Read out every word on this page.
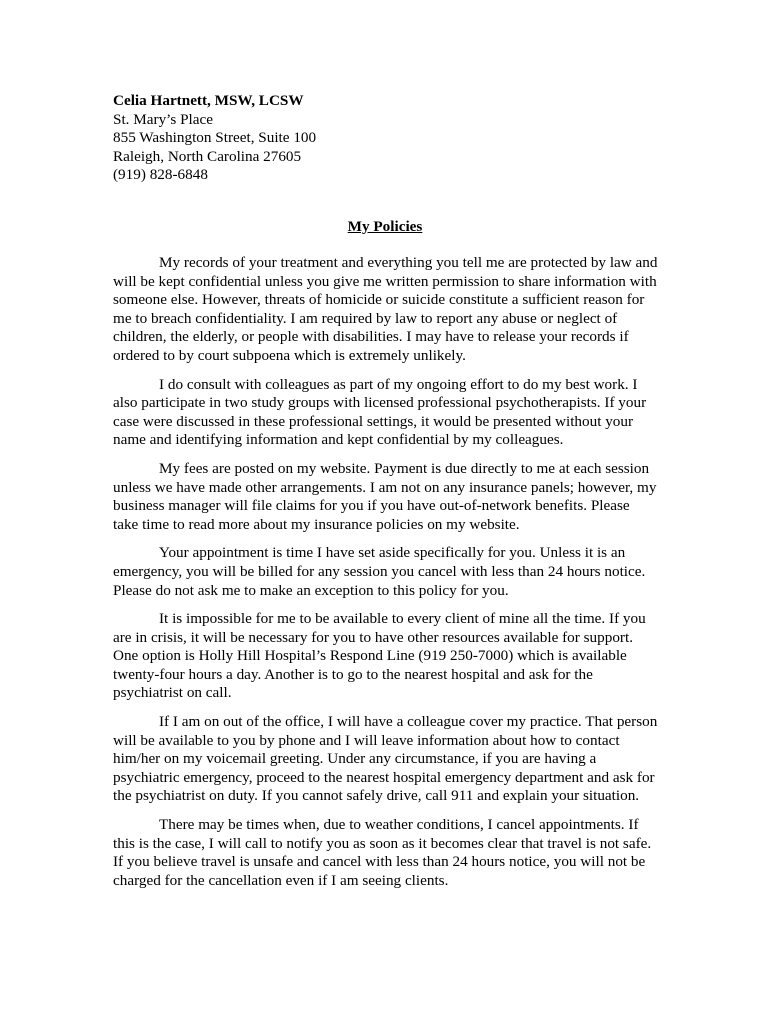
Celia Hartnett, MSW, LCSW
St. Mary’s Place
855 Washington Street, Suite 100
Raleigh, North Carolina 27605
(919) 828-6848
My Policies

My records of your treatment and everything you tell me are protected by law and will be kept confidential unless you give me written permission to share information with someone else. However, threats of homicide or suicide constitute a sufficient reason for me to breach confidentiality. I am required by law to report any abuse or neglect of children, the elderly, or people with disabilities. I may have to release your records if ordered to by court subpoena which is extremely unlikely.

I do consult with colleagues as part of my ongoing effort to do my best work. I also participate in two study groups with licensed professional psychotherapists. If your case were discussed in these professional settings, it would be presented without your name and identifying information and kept confidential by my colleagues.

My fees are posted on my website. Payment is due directly to me at each session unless we have made other arrangements. I am not on any insurance panels; however, my business manager will file claims for you if you have out-of-network benefits. Please take time to read more about my insurance policies on my website.

Your appointment is time I have set aside specifically for you. Unless it is an emergency, you will be billed for any session you cancel with less than 24 hours notice. Please do not ask me to make an exception to this policy for you.

It is impossible for me to be available to every client of mine all the time. If you are in crisis, it will be necessary for you to have other resources available for support. One option is Holly Hill Hospital’s Respond Line (919 250-7000) which is available twenty-four hours a day. Another is to go to the nearest hospital and ask for the psychiatrist on call.

If I am on out of the office, I will have a colleague cover my practice. That person will be available to you by phone and I will leave information about how to contact him/her on my voicemail greeting. Under any circumstance, if you are having a psychiatric emergency, proceed to the nearest hospital emergency department and ask for the psychiatrist on duty. If you cannot safely drive, call 911 and explain your situation.

There may be times when, due to weather conditions, I cancel appointments. If this is the case, I will call to notify you as soon as it becomes clear that travel is not safe. If you believe travel is unsafe and cancel with less than 24 hours notice, you will not be charged for the cancellation even if I am seeing clients.
